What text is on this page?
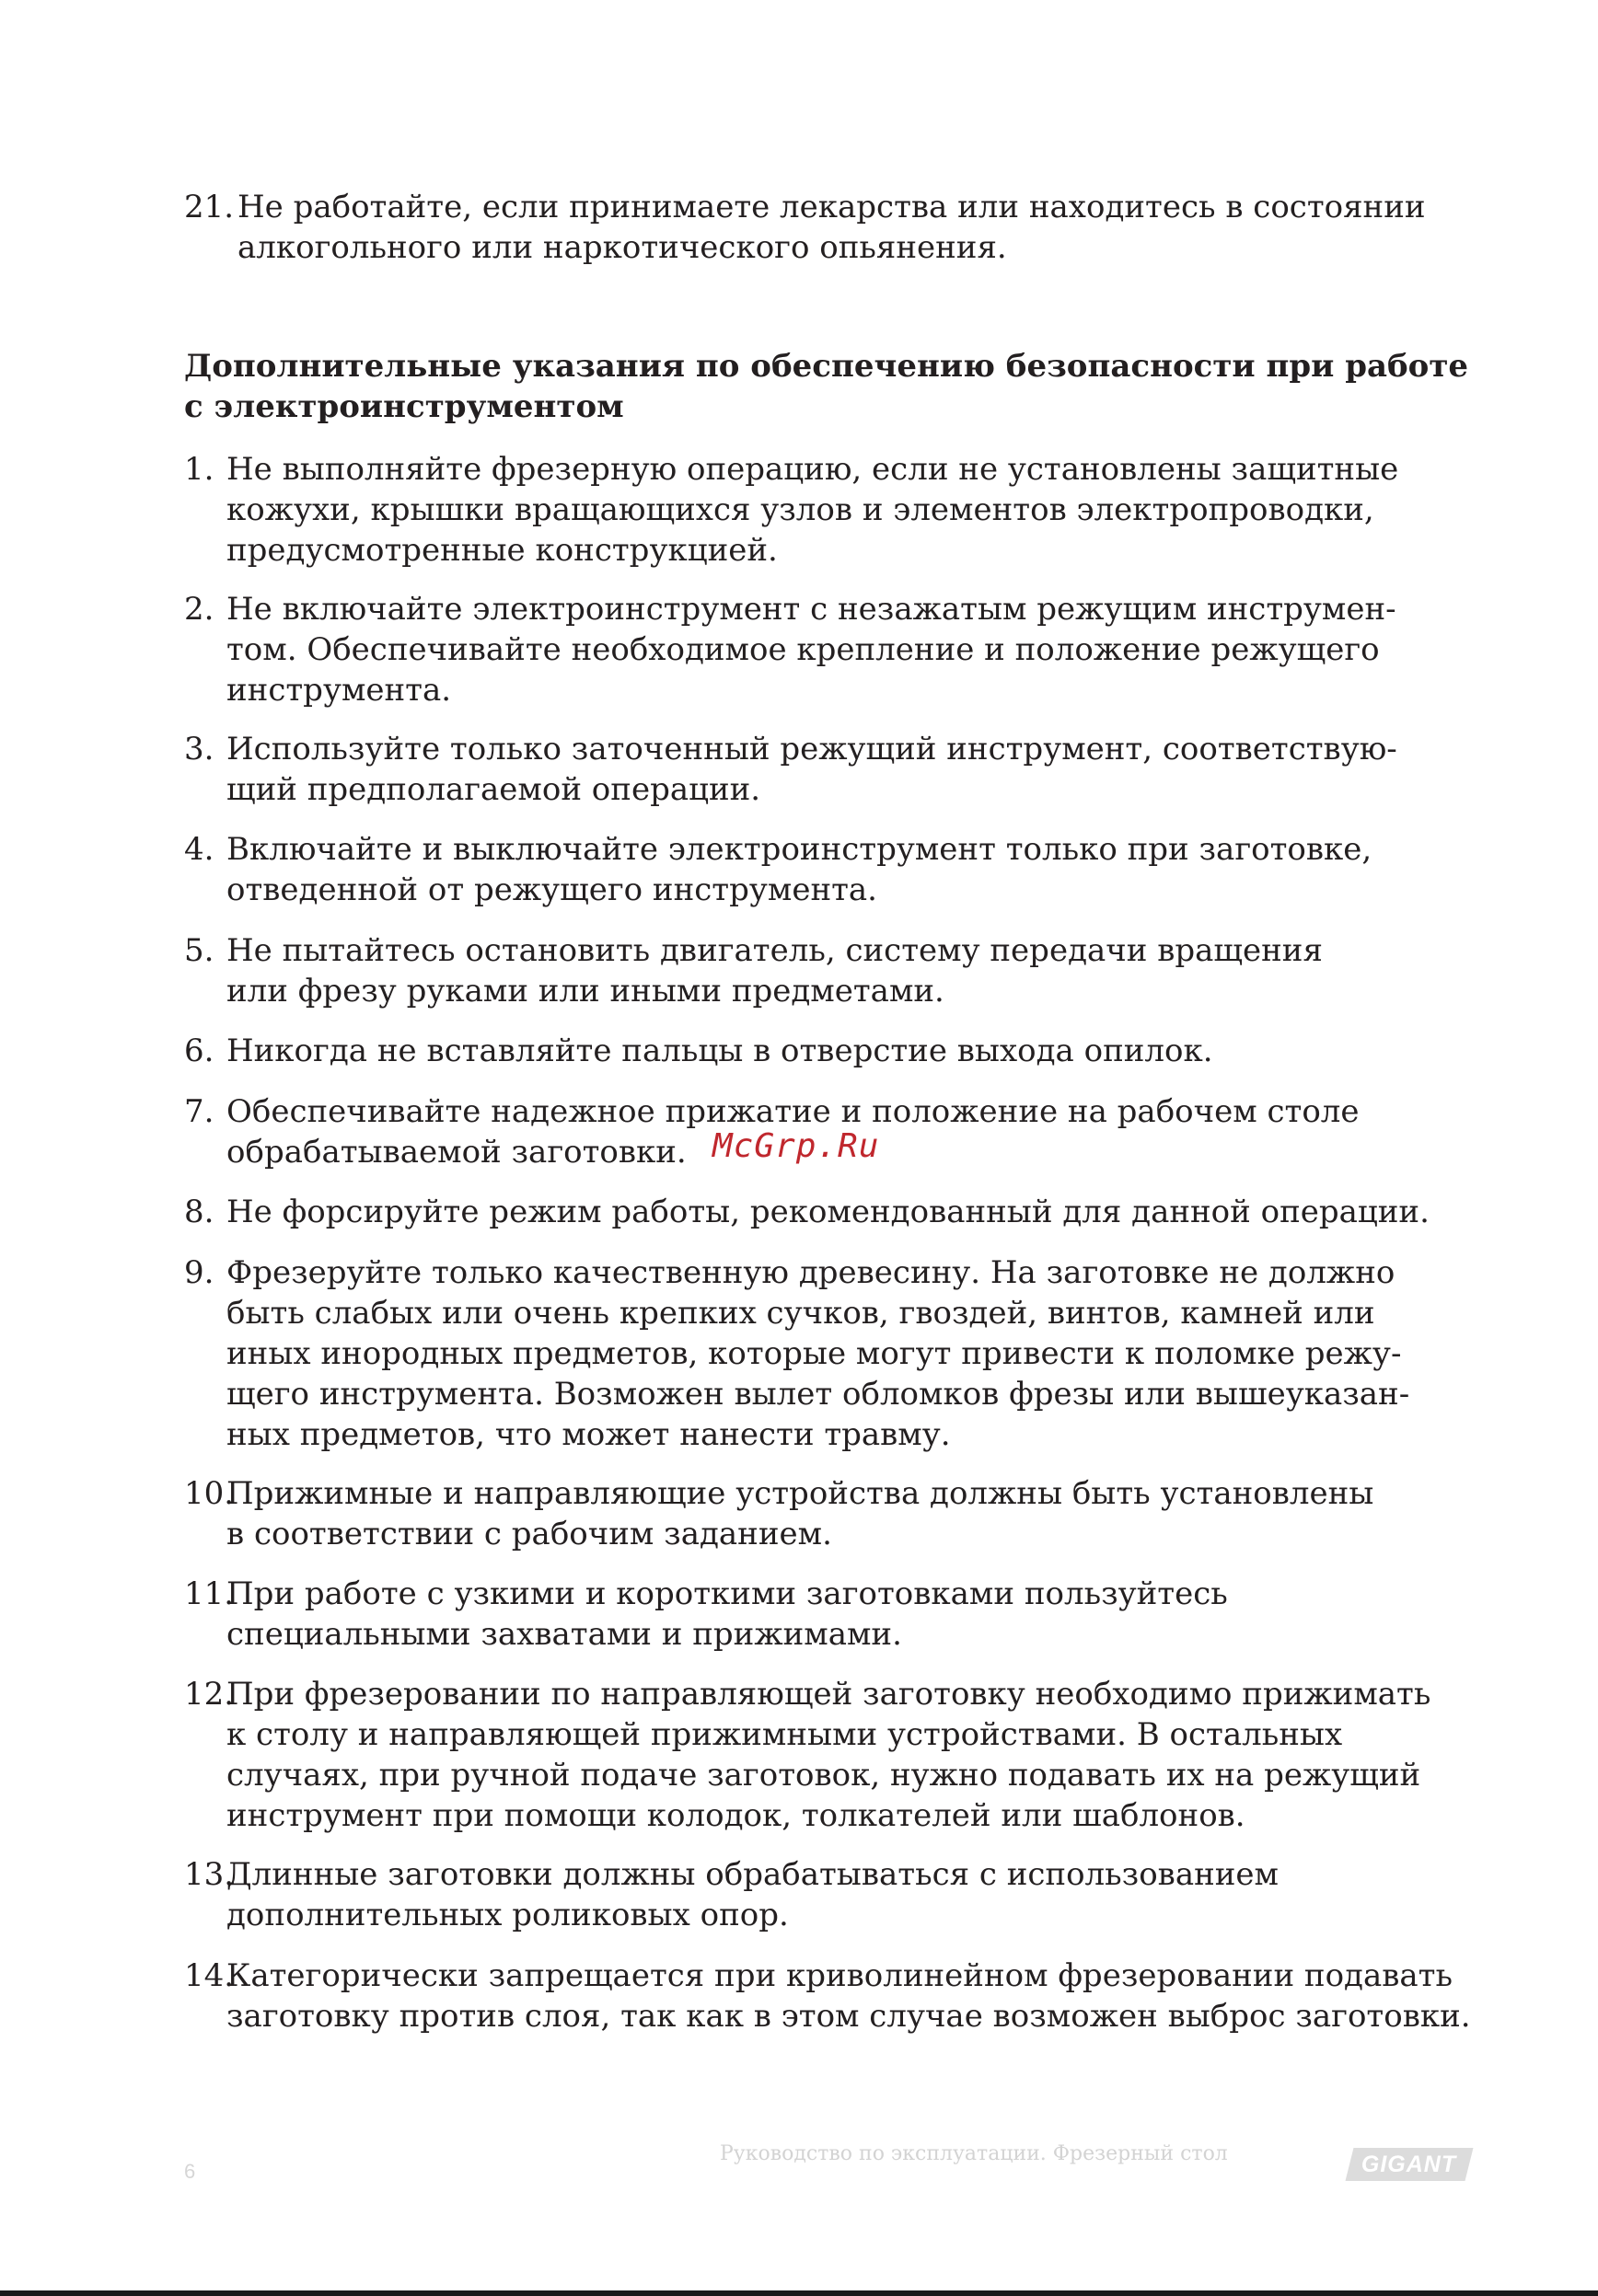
21. Не работайте, если принимаете лекарства или находитесь в состоянии
алкогольного или наркотического опьянения.
Дополнительные указания по обеспечению безопасности при работе
с электроинструментом
1. Не выполняйте фрезерную операцию, если не установлены защитные
кожухи, крышки вращающихся узлов и элементов электропроводки,
предусмотренные конструкцией.
2. Не включайте электроинструмент с незажатым режущим инструмен-
том. Обеспечивайте необходимое крепление и положение режущего
инструмента.
3. Используйте только заточенный режущий инструмент, соответствую-
щий предполагаемой операции.
4. Включайте и выключайте электроинструмент только при заготовке,
отведенной от режущего инструмента.
5. Не пытайтесь остановить двигатель, систему передачи вращения
или фрезу руками или иными предметами.
6. Никогда не вставляйте пальцы в отверстие выхода опилок.
7. Обеспечивайте надежное прижатие и положение на рабочем столе
обрабатываемой заготовки. McGrp.Ru
8. Не форсируйте режим работы, рекомендованный для данной операции.
9. Фрезеруйте только качественную древесину. На заготовке не должно
быть слабых или очень крепких сучков, гвоздей, винтов, камней или
иных инородных предметов, которые могут привести к поломке режу-
щего инструмента. Возможен вылет обломков фрезы или вышеуказан-
ных предметов, что может нанести травму.
10.
Прижимные и направляющие устройства должны быть установлены
в соответствии с рабочим заданием.
11.
При работе с узкими и короткими заготовками пользуйтесь
специальными захватами и прижимами.
12.
При фрезеровании по направляющей заготовку необходимо прижимать
к столу и направляющей прижимными устройствами. В остальных
случаях, при ручной подаче заготовок, нужно подавать их на режущий
инструмент при помощи колодок, толкателей или шаблонов.
13.
Длинные заготовки должны обрабатываться с использованием
дополнительных роликовых опор.
14.
Категорически запрещается при криволинейном фрезеровании подавать
заготовку против слоя, так как в этом случае возможен выброс заготовки.
6
Руководство по эксплуатации. Фрезерный стол	GIGANT
